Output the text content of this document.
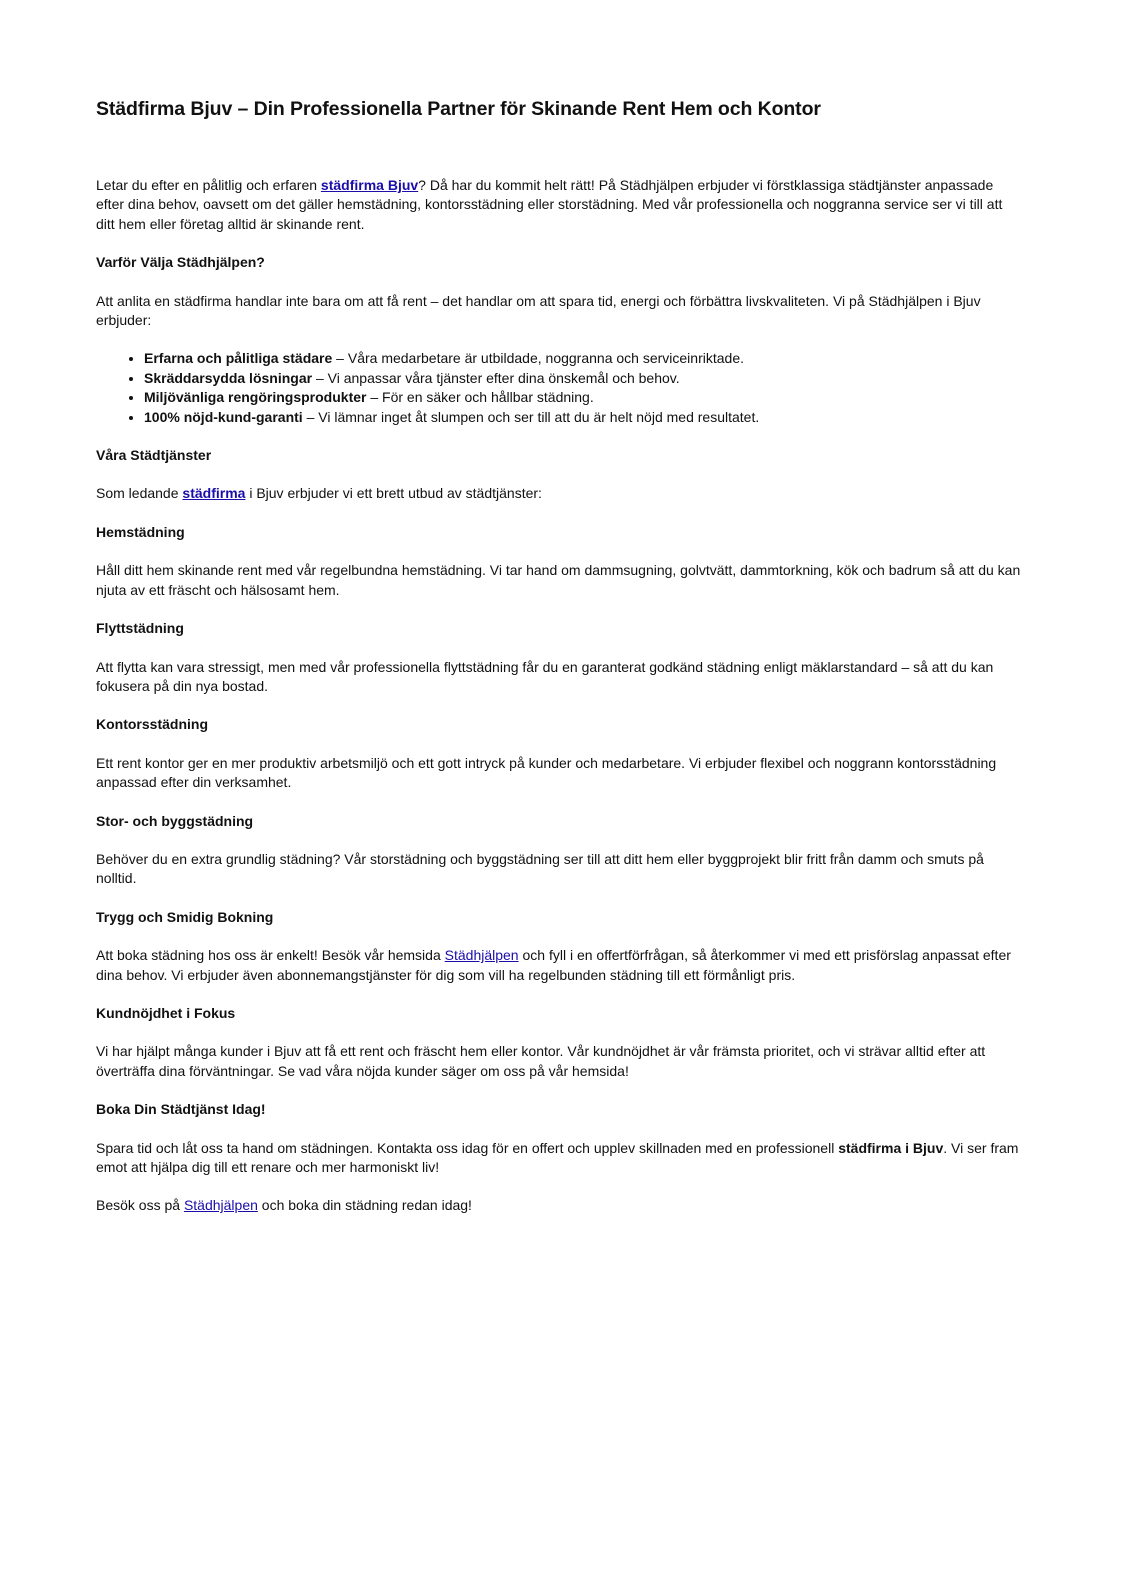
Städfirma Bjuv – Din Professionella Partner för Skinande Rent Hem och Kontor

Letar du efter en pålitlig och erfaren städfirma Bjuv? Då har du kommit helt rätt! På Städhjälpen erbjuder vi förstklassiga städtjänster anpassade efter dina behov, oavsett om det gäller hemstädning, kontorsstädning eller storstädning. Med vår professionella och noggranna service ser vi till att ditt hem eller företag alltid är skinande rent.

Varför Välja Städhjälpen?

Att anlita en städfirma handlar inte bara om att få rent – det handlar om att spara tid, energi och förbättra livskvaliteten. Vi på Städhjälpen i Bjuv erbjuder:

• Erfarna och pålitliga städare – Våra medarbetare är utbildade, noggranna och serviceinriktade.
• Skräddarsydda lösningar – Vi anpassar våra tjänster efter dina önskemål och behov.
• Miljövänliga rengöringsprodukter – För en säker och hållbar städning.
• 100% nöjd-kund-garanti – Vi lämnar inget åt slumpen och ser till att du är helt nöjd med resultatet.

Våra Städtjänster

Som ledande städfirma i Bjuv erbjuder vi ett brett utbud av städtjänster:

Hemstädning

Håll ditt hem skinande rent med vår regelbundna hemstädning. Vi tar hand om dammsugning, golvtvätt, dammtorkning, kök och badrum så att du kan njuta av ett fräscht och hälsosamt hem.

Flyttstädning

Att flytta kan vara stressigt, men med vår professionella flyttstädning får du en garanterat godkänd städning enligt mäklarstandard – så att du kan fokusera på din nya bostad.

Kontorsstädning

Ett rent kontor ger en mer produktiv arbetsmiljö och ett gott intryck på kunder och medarbetare. Vi erbjuder flexibel och noggrann kontorsstädning anpassad efter din verksamhet.

Stor- och byggstädning

Behöver du en extra grundlig städning? Vår storstädning och byggstädning ser till att ditt hem eller byggprojekt blir fritt från damm och smuts på nolltid.

Trygg och Smidig Bokning

Att boka städning hos oss är enkelt! Besök vår hemsida Städhjälpen och fyll i en offertförfrågan, så återkommer vi med ett prisförslag anpassat efter dina behov. Vi erbjuder även abonnemangstjänster för dig som vill ha regelbunden städning till ett förmånligt pris.

Kundnöjdhet i Fokus

Vi har hjälpt många kunder i Bjuv att få ett rent och fräscht hem eller kontor. Vår kundnöjdhet är vår främsta prioritet, och vi strävar alltid efter att överträffa dina förväntningar. Se vad våra nöjda kunder säger om oss på vår hemsida!

Boka Din Städtjänst Idag!

Spara tid och låt oss ta hand om städningen. Kontakta oss idag för en offert och upplev skillnaden med en professionell städfirma i Bjuv. Vi ser fram emot att hjälpa dig till ett renare och mer harmoniskt liv!

Besök oss på Städhjälpen och boka din städning redan idag!
